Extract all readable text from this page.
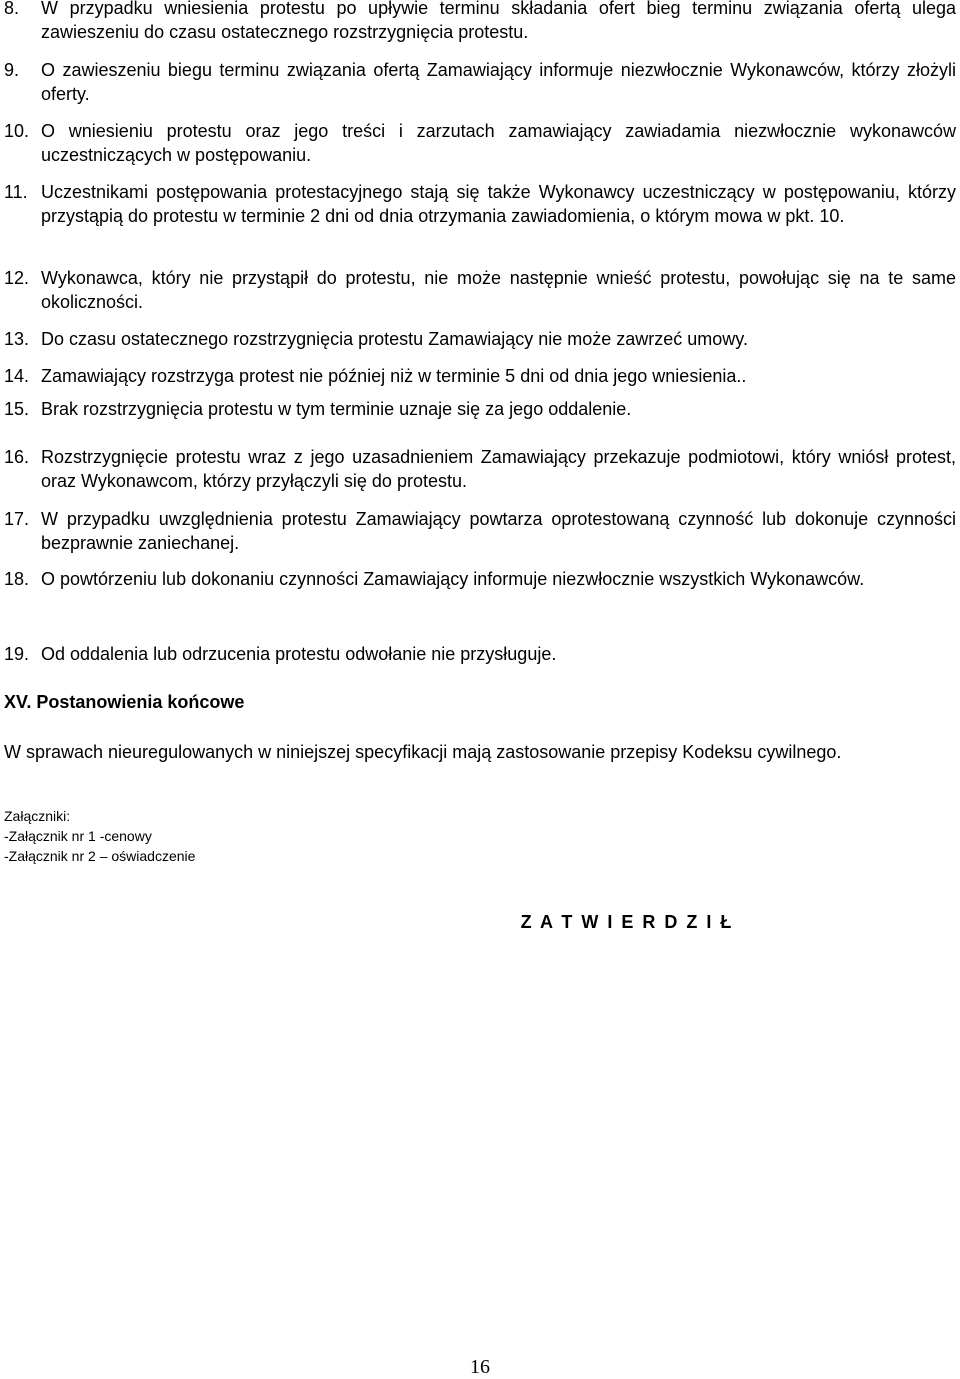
8. W przypadku wniesienia protestu po upływie terminu składania ofert bieg terminu związania ofertą ulega zawieszeniu do czasu ostatecznego rozstrzygnięcia protestu.
9. O zawieszeniu biegu terminu związania ofertą Zamawiający informuje niezwłocznie Wykonawców, którzy złożyli oferty.
10. O wniesieniu protestu oraz jego treści i zarzutach zamawiający zawiadamia niezwłocznie wykonawców uczestniczących w postępowaniu.
11. Uczestnikami postępowania protestacyjnego stają się także Wykonawcy uczestniczący w postępowaniu, którzy przystąpią do protestu w terminie 2 dni od dnia otrzymania zawiadomienia, o którym mowa w pkt. 10.
12. Wykonawca, który nie przystąpił do protestu, nie może następnie wnieść protestu, powołując się na te same okoliczności.
13. Do czasu ostatecznego rozstrzygnięcia protestu Zamawiający nie może zawrzeć umowy.
14. Zamawiający rozstrzyga protest nie później niż w terminie 5 dni od dnia jego wniesienia..
15. Brak rozstrzygnięcia protestu w tym terminie uznaje się za jego oddalenie.
16. Rozstrzygnięcie protestu wraz z jego uzasadnieniem Zamawiający przekazuje podmiotowi, który wniósł protest, oraz Wykonawcom, którzy przyłączyli się do protestu.
17. W przypadku uwzględnienia protestu Zamawiający powtarza oprotestowaną czynność lub dokonuje czynności bezprawnie zaniechanej.
18. O powtórzeniu lub dokonaniu czynności Zamawiający informuje niezwłocznie wszystkich Wykonawców.
19. Od oddalenia lub odrzucenia protestu odwołanie nie przysługuje.
XV. Postanowienia końcowe
W sprawach nieuregulowanych w niniejszej specyfikacji mają zastosowanie przepisy Kodeksu cywilnego.
Załączniki:
-Załącznik nr 1 -cenowy
-Załącznik nr 2 – oświadczenie
Z A T W I E R D Z I Ł
16
